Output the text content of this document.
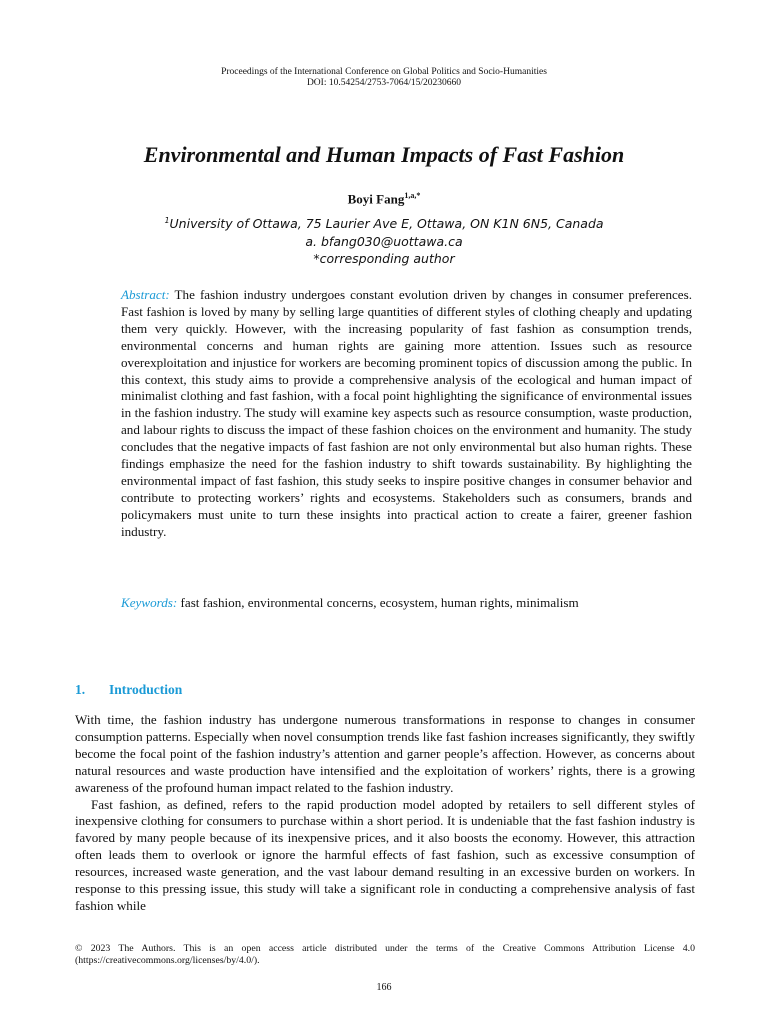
Proceedings of the International Conference on Global Politics and Socio-Humanities
DOI: 10.54254/2753-7064/15/20230660
Environmental and Human Impacts of Fast Fashion
Boyi Fang$^{1,a,*}$
$^1$University of Ottawa, 75 Laurier Ave E, Ottawa, ON K1N 6N5, Canada
a. bfang030@uottawa.ca
*corresponding author

Abstract: The fashion industry undergoes constant evolution driven by changes in consumer preferences. Fast fashion is loved by many by selling large quantities of different styles of clothing cheaply and updating them very quickly. However, with the increasing popularity of fast fashion as consumption trends, environmental concerns and human rights are gaining more attention. Issues such as resource overexploitation and injustice for workers are becoming prominent topics of discussion among the public. In this context, this study aims to provide a comprehensive analysis of the ecological and human impact of minimalist clothing and fast fashion, with a focal point highlighting the significance of environmental issues in the fashion industry. The study will examine key aspects such as resource consumption, waste production, and labour rights to discuss the impact of these fashion choices on the environment and humanity. The study concludes that the negative impacts of fast fashion are not only environmental but also human rights. These findings emphasize the need for the fashion industry to shift towards sustainability. By highlighting the environmental impact of fast fashion, this study seeks to inspire positive changes in consumer behavior and contribute to protecting workers’ rights and ecosystems. Stakeholders such as consumers, brands and policymakers must unite to turn these insights into practical action to create a fairer, greener fashion industry.

Keywords: fast fashion, environmental concerns, ecosystem, human rights, minimalism

1. Introduction

With time, the fashion industry has undergone numerous transformations in response to changes in consumer consumption patterns. Especially when novel consumption trends like fast fashion increases significantly, they swiftly become the focal point of the fashion industry’s attention and garner people’s affection. However, as concerns about natural resources and waste production have intensified and the exploitation of workers’ rights, there is a growing awareness of the profound human impact related to the fashion industry.

Fast fashion, as defined, refers to the rapid production model adopted by retailers to sell different styles of inexpensive clothing for consumers to purchase within a short period. It is undeniable that the fast fashion industry is favored by many people because of its inexpensive prices, and it also boosts the economy. However, this attraction often leads them to overlook or ignore the harmful effects of fast fashion, such as excessive consumption of resources, increased waste generation, and the vast labour demand resulting in an excessive burden on workers. In response to this pressing issue, this study will take a significant role in conducting a comprehensive analysis of fast fashion while

© 2023 The Authors. This is an open access article distributed under the terms of the Creative Commons Attribution License 4.0 (https://creativecommons.org/licenses/by/4.0/).
166
